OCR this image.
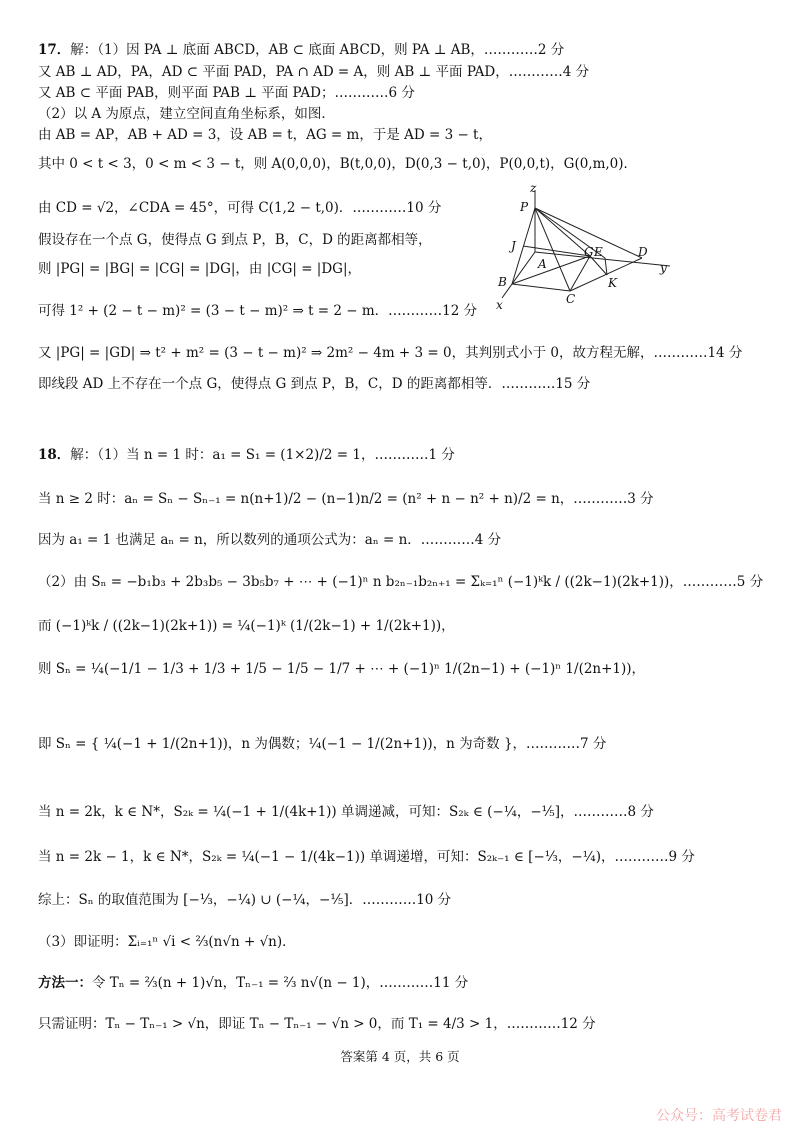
17．解：（1）因 PA ⊥ 底面 ABCD，AB ⊂ 底面 ABCD，则 PA ⊥ AB，…………2 分
又 AB ⊥ AD，PA，AD ⊂ 平面 PAD，PA ∩ AD = A，则 AB ⊥ 平面 PAD，…………4 分
又 AB ⊂ 平面 PAB，则平面 PAB ⊥ 平面 PAD；…………6 分
（2）以 A 为原点，建立空间直角坐标系，如图．
由 AB = AP，AB + AD = 3，设 AB = t，AG = m，于是 AD = 3 − t，
其中 0 < t < 3，0 < m < 3 − t，则 A(0,0,0)，B(t,0,0)，D(0,3 − t,0)，P(0,0,t)，G(0,m,0)．
由 CD = √2，∠CDA = 45°，可得 C(1,2 − t,0)．…………10 分
假设存在一个点 G，使得点 G 到点 P，B，C，D 的距离都相等，
则 |PG| = |BG| = |CG| = |DG|，由 |CG| = |DG|，
可得 1² + (2 − t − m)² = (3 − t − m)² ⇒ t = 2 − m．…………12 分
又 |PG| = |GD| ⇒ t² + m² = (3 − t − m)² ⇒ 2m² − 4m + 3 = 0，其判别式小于 0，故方程无解，…………14 分
即线段 AD 上不存在一个点 G，使得点 G 到点 P，B，C，D 的距离都相等．…………15 分
z
P
J
A
G E	D
y
B
C
K
x
18．解：（1）当 n = 1 时：a₁ = S₁ = (1×2)/2 = 1，…………1 分
当 n ≥ 2 时：aₙ = Sₙ − Sₙ₋₁ = n(n+1)/2 − (n−1)n/2 = (n² + n − n² + n)/2 = n，…………3 分
因为 a₁ = 1 也满足 aₙ = n，所以数列的通项公式为：aₙ = n．…………4 分
（2）由 Sₙ = −b₁b₃ + 2b₃b₅ − 3b₅b₇ + ⋯ + (−1)ⁿ n b₂ₙ₋₁b₂ₙ₊₁ = Σₖ₌₁ⁿ (−1)ᵏk / ((2k−1)(2k+1))，…………5 分
而 (−1)ᵏk / ((2k−1)(2k+1)) = ¼(−1)ᵏ (1/(2k−1) + 1/(2k+1))，
则 Sₙ = ¼(−1/1 − 1/3 + 1/3 + 1/5 − 1/5 − 1/7 + ⋯ + (−1)ⁿ 1/(2n−1) + (−1)ⁿ 1/(2n+1))，
即 Sₙ = { ¼(−1 + 1/(2n+1))，n 为偶数；¼(−1 − 1/(2n+1))，n 为奇数 }，…………7 分
当 n = 2k，k ∈ N*，S₂ₖ = ¼(−1 + 1/(4k+1)) 单调递减，可知：S₂ₖ ∈ (−¼，−⅕]，…………8 分
当 n = 2k − 1，k ∈ N*，S₂ₖ = ¼(−1 − 1/(4k−1)) 单调递增，可知：S₂ₖ₋₁ ∈ [−⅓，−¼)，…………9 分
综上：Sₙ 的取值范围为 [−⅓，−¼) ∪ (−¼，−⅕]．…………10 分
（3）即证明：Σᵢ₌₁ⁿ √i < ⅔(n√n + √n)．
方法一：令 Tₙ = ⅔(n + 1)√n，Tₙ₋₁ = ⅔ n√(n − 1)，…………11 分
只需证明：Tₙ − Tₙ₋₁ > √n，即证 Tₙ − Tₙ₋₁ − √n > 0，而 T₁ = 4/3 > 1，…………12 分
答案第 4 页，共 6 页
公众号：高考试卷君
